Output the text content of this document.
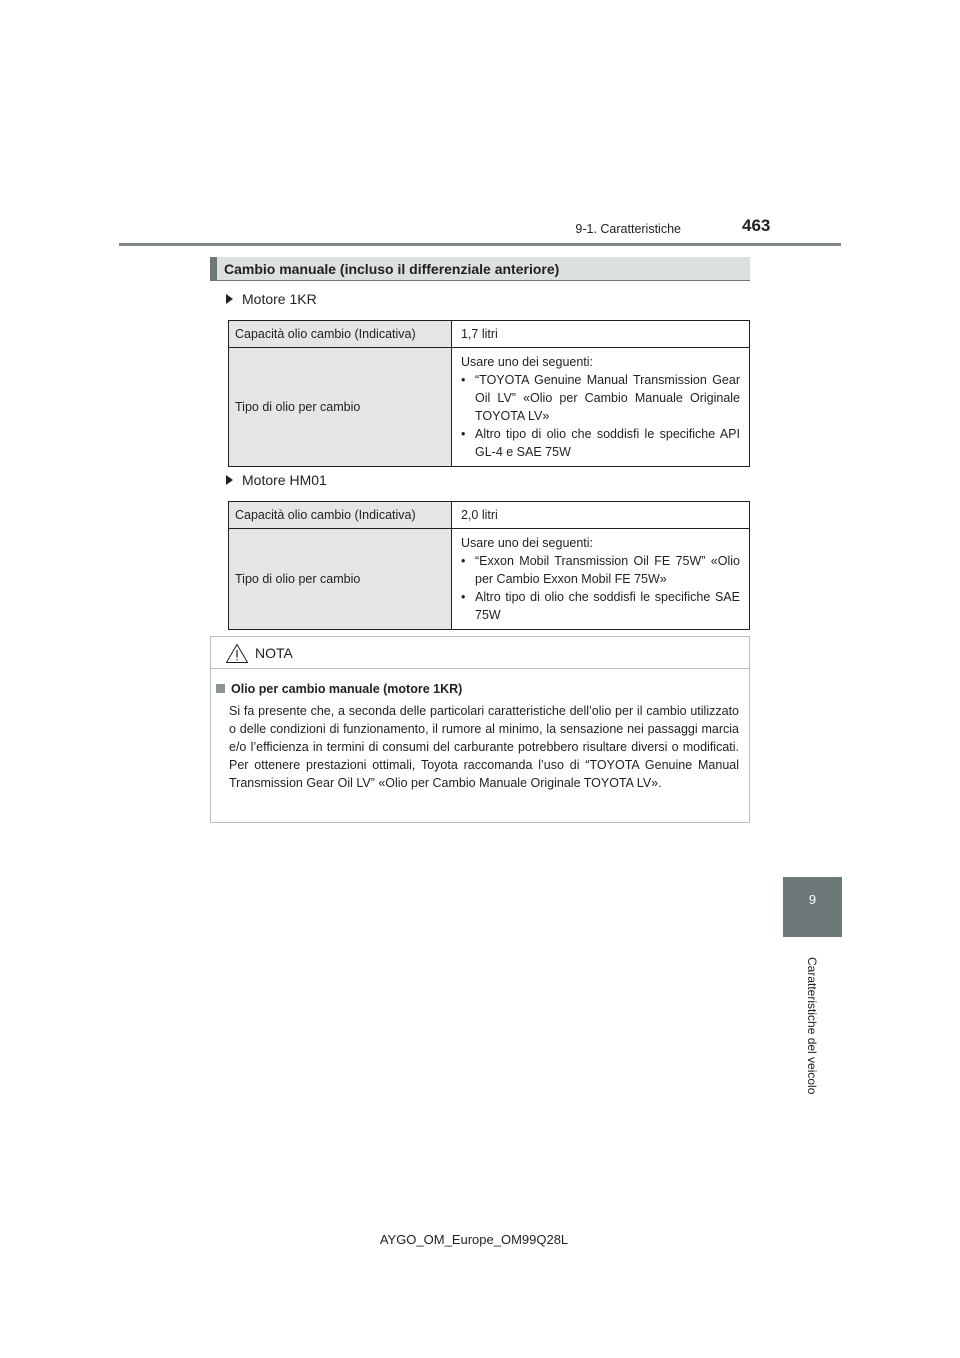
9-1. Caratteristiche	463
9
Caratteristiche del veicolo
Cambio manuale (incluso il differenziale anteriore)
Motore 1KR
Capacità olio cambio (Indicativa)	1,7 litri
Tipo di olio per cambio	Usare uno dei seguenti:
• “TOYOTA Genuine Manual Transmission Gear Oil LV” «Olio per Cambio Manuale Originale TOYOTA LV»
• Altro tipo di olio che soddisfi le specifiche API GL-4 e SAE 75W
Motore HM01
Capacità olio cambio (Indicativa)	2,0 litri
Tipo di olio per cambio	Usare uno dei seguenti:
• “Exxon Mobil Transmission Oil FE 75W” «Olio per Cambio Exxon Mobil FE 75W»
• Altro tipo di olio che soddisfi le specifiche SAE 75W
NOTA
Olio per cambio manuale (motore 1KR)
Si fa presente che, a seconda delle particolari caratteristiche dell’olio per il cambio utilizzato o delle condizioni di funzionamento, il rumore al minimo, la sensazione nei passaggi marcia e/o l’efficienza in termini di consumi del carburante potrebbero risultare diversi o modificati. Per ottenere prestazioni ottimali, Toyota raccomanda l’uso di “TOYOTA Genuine Manual Transmission Gear Oil LV” «Olio per Cambio Manuale Originale TOYOTA LV».
AYGO_OM_Europe_OM99Q28L
